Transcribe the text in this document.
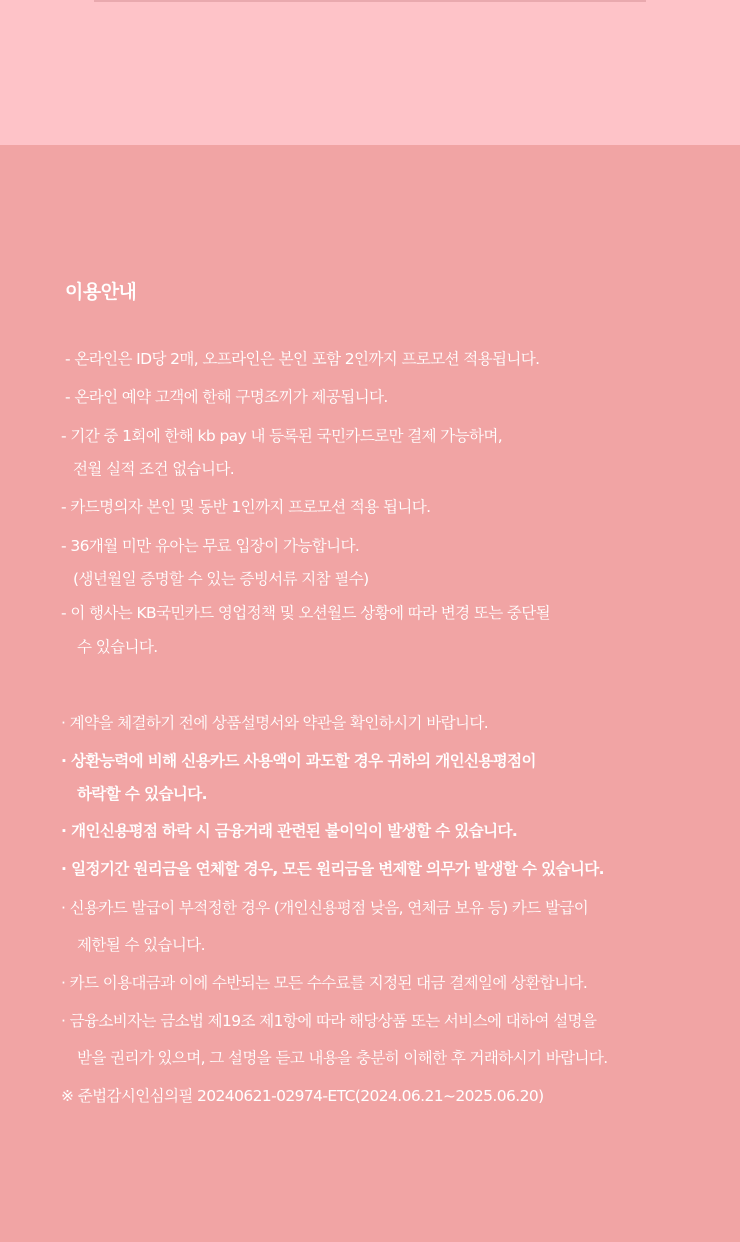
이용안내
- 온라인은 ID당 2매, 오프라인은 본인 포함 2인까지 프로모션 적용됩니다.
- 온라인 예약 고객에 한해 구명조끼가 제공됩니다.
- 기간 중 1회에 한해 kb pay 내 등록된 국민카드로만 결제 가능하며,
전월 실적 조건 없습니다.
- 카드명의자 본인 및 동반 1인까지 프로모션 적용 됩니다.
- 36개월 미만 유아는 무료 입장이 가능합니다.
(생년월일 증명할 수 있는 증빙서류 지참 필수)
- 이 행사는 KB국민카드 영업정책 및 오션월드 상황에 따라 변경 또는 중단될
수 있습니다.
· 계약을 체결하기 전에 상품설명서와 약관을 확인하시기 바랍니다.
· 상환능력에 비해 신용카드 사용액이 과도할 경우 귀하의 개인신용평점이
하락할 수 있습니다.
· 개인신용평점 하락 시 금융거래 관련된 불이익이 발생할 수 있습니다.
· 일정기간 원리금을 연체할 경우, 모든 원리금을 변제할 의무가 발생할 수 있습니다.
· 신용카드 발급이 부적정한 경우 (개인신용평점 낮음, 연체금 보유 등) 카드 발급이
제한될 수 있습니다.
· 카드 이용대금과 이에 수반되는 모든 수수료를 지정된 대금 결제일에 상환합니다.
· 금융소비자는 금소법 제19조 제1항에 따라 해당상품 또는 서비스에 대하여 설명을
받을 권리가 있으며, 그 설명을 듣고 내용을 충분히 이해한 후 거래하시기 바랍니다.
※ 준법감시인심의필 20240621-02974-ETC(2024.06.21~2025.06.20)
